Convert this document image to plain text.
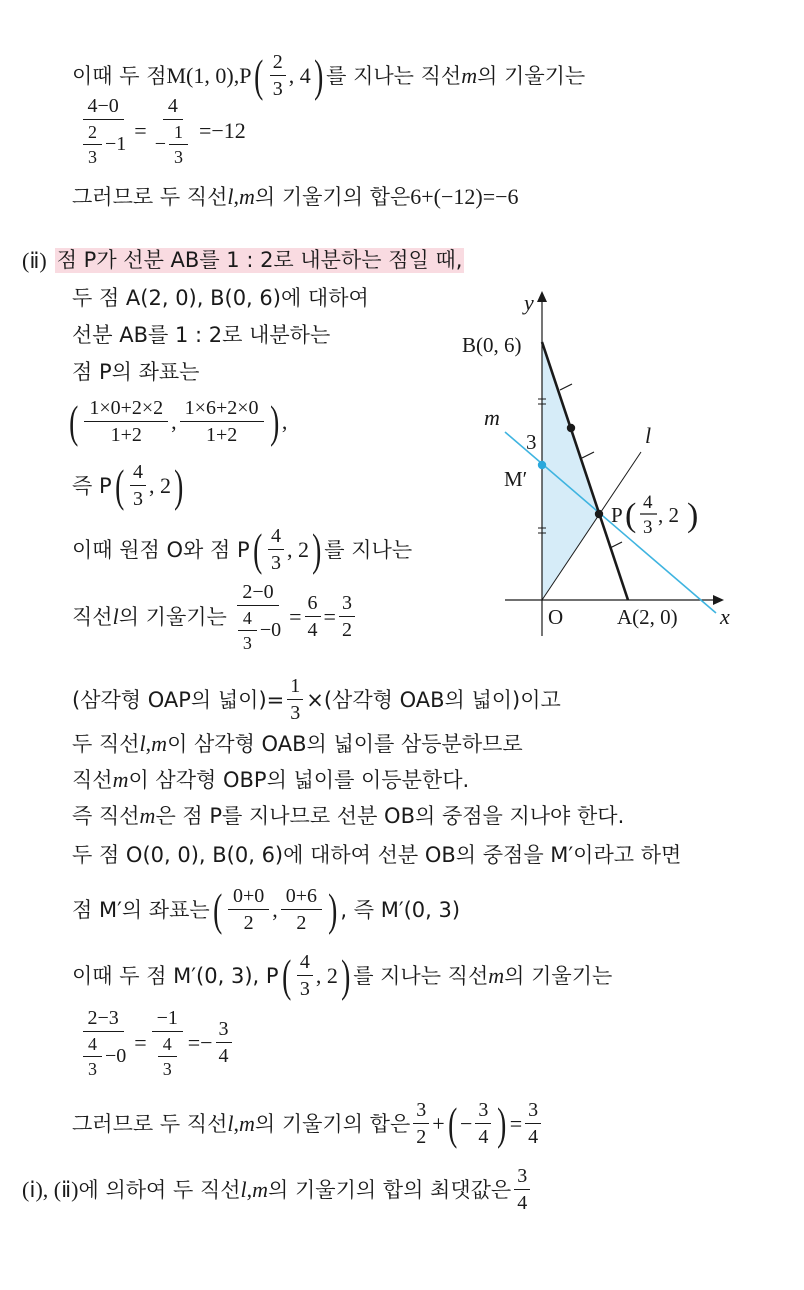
이때 두 점 M(1, 0) , P ( $\frac{2}{3}$ , 4 ) 를 지나는 직선 m 의 기울기는
$\frac{4-0}{\frac{2}{3} -1} = \frac{4}{- \frac{1}{3}} =-12$
그러므로 두 직선 l , m 의 기울기의 합은 6+(−12)=−6
(ⅱ) 점 P가 선분 AB를 1 : 2로 내분하는 점일 때,
두 점 A(2, 0), B(0, 6)에 대하여
선분 AB를 1 : 2로 내분하는
점 P의 좌표는
( $\frac{1\times 0+2\times 2}{1+2}$ , $\frac{1\times 6+2\times 0}{1+2}$ ) ,
즉 P ( $\frac{4}{3}$ , 2 )
이때 원점 O와 점 P ( $\frac{4}{3}$ , 2 ) 를 지나는
직선 l 의 기울기는 $\frac{2-0}{\frac{4}{3} -0} = \frac{6}{4} = \frac{3}{2}$
(삼각형 OAP의 넓이)= $\frac{1}{3}$ ×(삼각형 OAB의 넓이)이고
두 직선 l , m 이 삼각형 OAB의 넓이를 삼등분하므로
직선 m 이 삼각형 OBP의 넓이를 이등분한다.
즉 직선 m 은 점 P를 지나므로 선분 OB의 중점을 지나야 한다.
두 점 O(0, 0), B(0, 6)에 대하여 선분 OB의 중점을 M′이라고 하면
점 M′의 좌표는 ( $\frac{0+0}{2}$ , $\frac{0+6}{2}$ ) , 즉 M′(0, 3)
이때 두 점 M′(0, 3), P ( $\frac{4}{3}$ , 2 ) 를 지나는 직선 m 의 기울기는
$\frac{2-3}{\frac{4}{3} -0} = \frac{-1}{\frac{4}{3}} =- \frac{3}{4}$
그러므로 두 직선 l , m 의 기울기의 합은 $\frac{3}{2}$ + ( − $\frac{3}{4}$ ) = $\frac{3}{4}$
(ⅰ), (ⅱ) 에 의하여 두 직선 l , m 의 기울기의 합의 최댓값은 $\frac{3}{4}$
y
x
B(0, 6)
m
l
3
M′
P ( 4
3
, 2 )
O	A(2, 0)
